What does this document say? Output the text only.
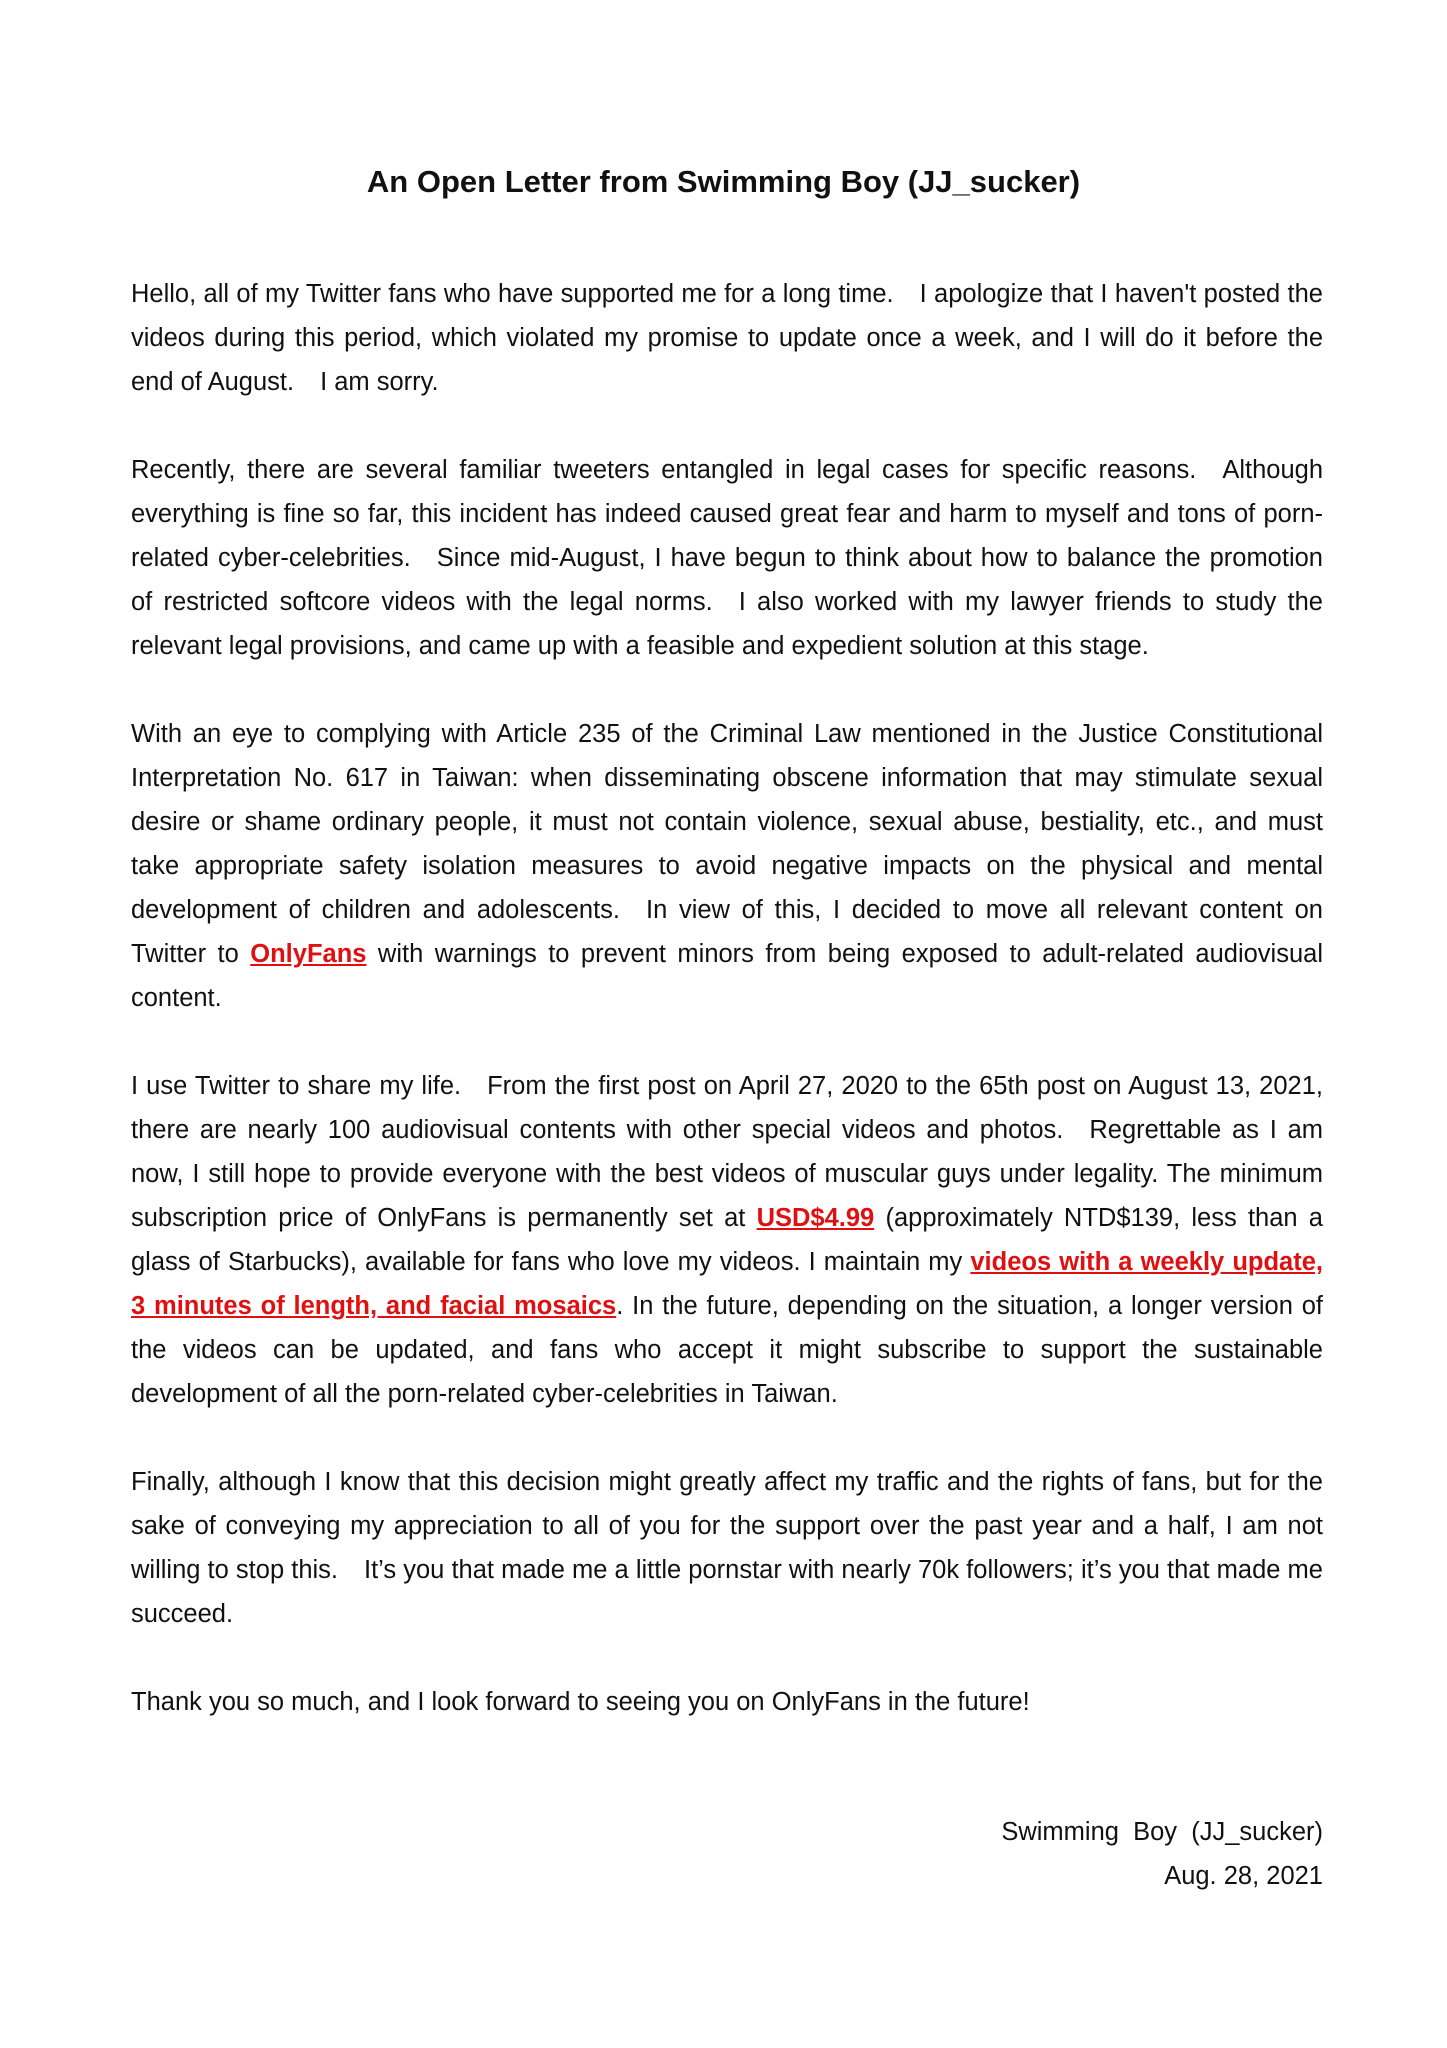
An Open Letter from Swimming Boy (JJ_sucker)

Hello, all of my Twitter fans who have supported me for a long time. I apologize that I haven't posted the videos during this period, which violated my promise to update once a week, and I will do it before the end of August. I am sorry.

Recently, there are several familiar tweeters entangled in legal cases for specific reasons. Although everything is fine so far, this incident has indeed caused great fear and harm to myself and tons of porn-related cyber-celebrities. Since mid-August, I have begun to think about how to balance the promotion of restricted softcore videos with the legal norms. I also worked with my lawyer friends to study the relevant legal provisions, and came up with a feasible and expedient solution at this stage.

With an eye to complying with Article 235 of the Criminal Law mentioned in the Justice Constitutional Interpretation No. 617 in Taiwan: when disseminating obscene information that may stimulate sexual desire or shame ordinary people, it must not contain violence, sexual abuse, bestiality, etc., and must take appropriate safety isolation measures to avoid negative impacts on the physical and mental development of children and adolescents. In view of this, I decided to move all relevant content on Twitter to OnlyFans with warnings to prevent minors from being exposed to adult-related audiovisual content.

I use Twitter to share my life. From the first post on April 27, 2020 to the 65th post on August 13, 2021, there are nearly 100 audiovisual contents with other special videos and photos. Regrettable as I am now, I still hope to provide everyone with the best videos of muscular guys under legality. The minimum subscription price of OnlyFans is permanently set at USD$4.99 (approximately NTD$139, less than a glass of Starbucks), available for fans who love my videos. I maintain my videos with a weekly update, 3 minutes of length, and facial mosaics. In the future, depending on the situation, a longer version of the videos can be updated, and fans who accept it might subscribe to support the sustainable development of all the porn-related cyber-celebrities in Taiwan.

Finally, although I know that this decision might greatly affect my traffic and the rights of fans, but for the sake of conveying my appreciation to all of you for the support over the past year and a half, I am not willing to stop this. It’s you that made me a little pornstar with nearly 70k followers; it’s you that made me succeed.

Thank you so much, and I look forward to seeing you on OnlyFans in the future!

Swimming  Boy  (JJ_sucker)
Aug. 28, 2021
